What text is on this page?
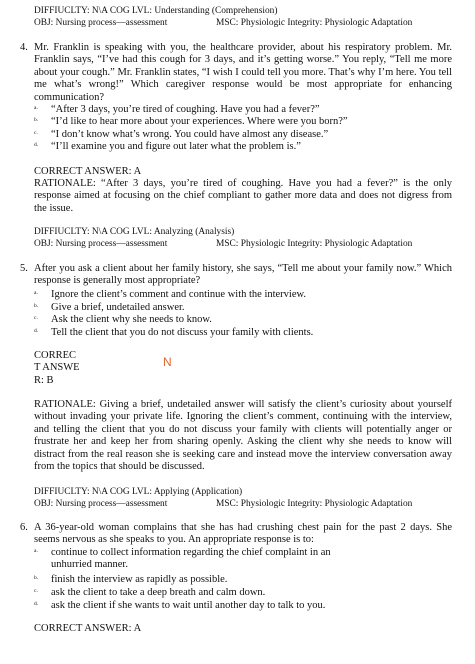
DIFFIUCLTY: N\A COG LVL: Understanding (Comprehension)
OBJ: Nursing process—assessment	MSC: Physiologic Integrity: Physiologic Adaptation
4. Mr. Franklin is speaking with you, the healthcare provider, about his respiratory problem. Mr. Franklin says, “I’ve had this cough for 3 days, and it’s getting worse.” You reply, “Tell me more about your cough.” Mr. Franklin states, “I wish I could tell you more. That’s why I’m here. You tell me what’s wrong!” Which caregiver response would be most appropriate for enhancing communication?
a. “After 3 days, you’re tired of coughing. Have you had a fever?”
b. “I’d like to hear more about your experiences. Where were you born?”
c. “I don’t know what’s wrong. You could have almost any disease.”
d. “I’ll examine you and figure out later what the problem is.”
CORRECT ANSWER: A
RATIONALE: “After 3 days, you’re tired of coughing. Have you had a fever?” is the only response aimed at focusing on the chief compliant to gather more data and does not digress from the issue.
DIFFIUCLTY: N\A COG LVL: Analyzing (Analysis)
OBJ: Nursing process—assessment	MSC: Physiologic Integrity: Physiologic Adaptation
5. After you ask a client about her family history, she says, “Tell me about your family now.” Which response is generally most appropriate?
a. Ignore the client’s comment and continue with the interview.
b. Give a brief, undetailed answer.
c. Ask the client why she needs to know.
d. Tell the client that you do not discuss your family with clients.
CORRECT ANSWER: B
N
RATIONALE: Giving a brief, undetailed answer will satisfy the client’s curiosity about yourself without invading your private life. Ignoring the client’s comment, continuing with the interview, and telling the client that you do not discuss your family with clients will potentially anger or frustrate her and keep her from sharing openly. Asking the client why she needs to know will distract from the real reason she is seeking care and instead move the interview conversation away from the topics that should be discussed.
DIFFIUCLTY: N\A COG LVL: Applying (Application)
OBJ: Nursing process—assessment	MSC: Physiologic Integrity: Physiologic Adaptation
6. A 36-year-old woman complains that she has had crushing chest pain for the past 2 days. She seems nervous as she speaks to you. An appropriate response is to:
a. continue to collect information regarding the chief complaint in an unhurried manner.
b. finish the interview as rapidly as possible.
c. ask the client to take a deep breath and calm down.
d. ask the client if she wants to wait until another day to talk to you.
CORRECT ANSWER: A
